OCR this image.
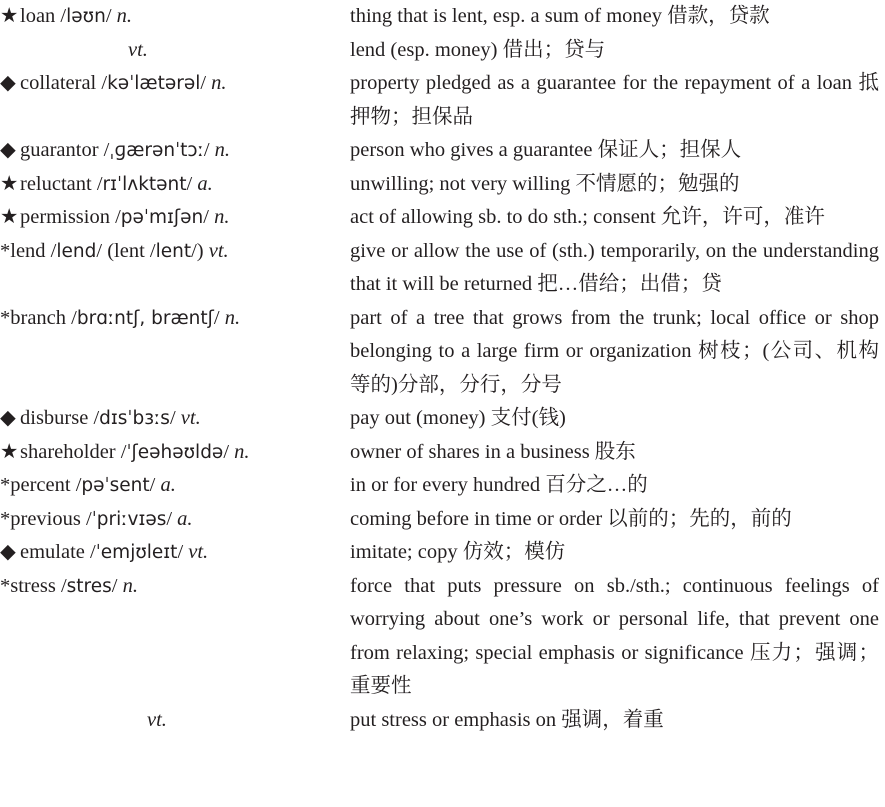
★loan /ləʊn/ n.	thing that is lent, esp. a sum of money 借款，贷款
vt.	lend (esp. money) 借出；贷与
◆ collateral /kəˈlætərəl/ n.	property pledged as a guarantee for the repayment of a loan 抵押物；担保品
◆ guarantor /ˌɡærənˈtɔː/ n.	person who gives a guarantee 保证人；担保人
★reluctant /rɪˈlʌktənt/ a.	unwilling; not very willing 不情愿的；勉强的
★permission /pəˈmɪʃən/ n.	act of allowing sb. to do sth.; consent 允许，许可，准许
*lend /lend/ (lent /lent/) vt.	give or allow the use of (sth.) temporarily, on the understanding that it will be returned 把…借给；出借；贷
*branch /brɑːntʃ, bræntʃ/ n.	part of a tree that grows from the trunk; local office or shop belonging to a large firm or organization 树枝；(公司、机构等的)分部，分行，分号
◆ disburse /dɪsˈbɜːs/ vt.	pay out (money) 支付(钱)
★shareholder /ˈʃeəhəʊldə/ n.	owner of shares in a business 股东
*percent /pəˈsent/ a.	in or for every hundred 百分之…的
*previous /ˈpriːvɪəs/ a.	coming before in time or order 以前的；先的，前的
◆ emulate /ˈemjʊleɪt/ vt.	imitate; copy 仿效；模仿
*stress /stres/ n.	force that puts pressure on sb./sth.; continuous feelings of worrying about one’s work or personal life, that prevent one from relaxing; special emphasis or significance 压力；强调；重要性
vt.	put stress or emphasis on 强调，着重
